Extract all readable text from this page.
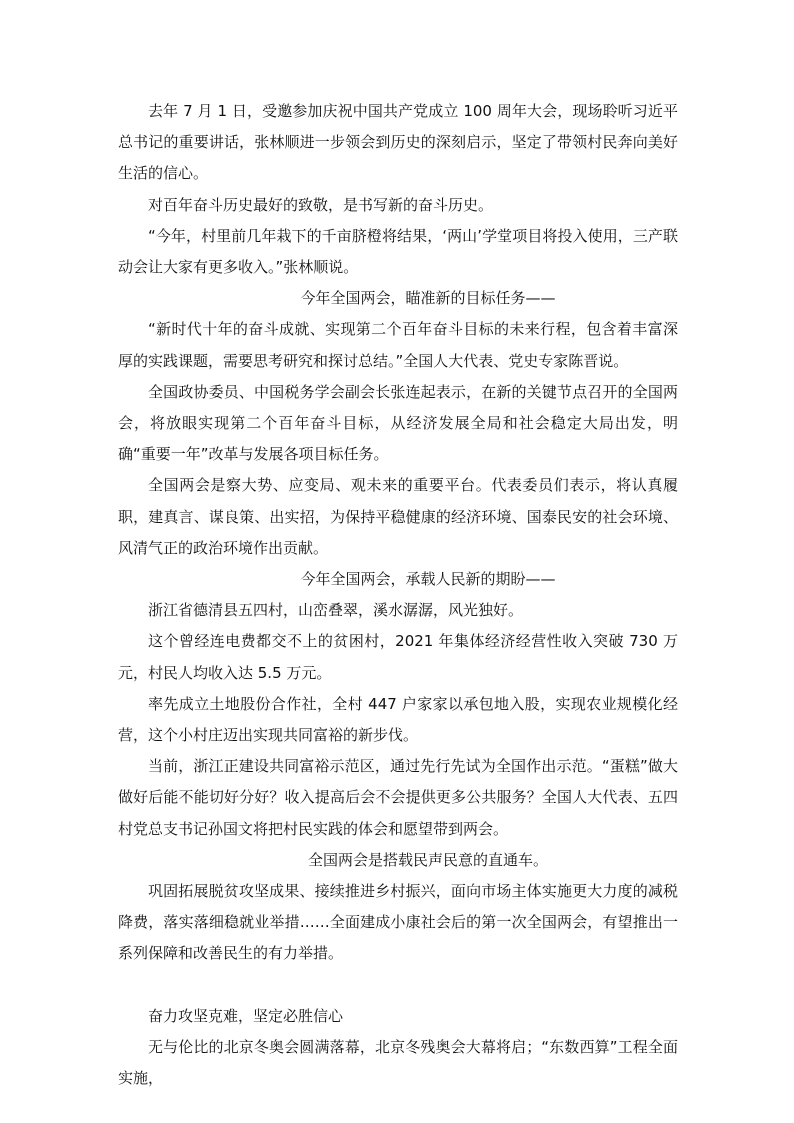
去年 7 月 1 日，受邀参加庆祝中国共产党成立 100 周年大会，现场聆听习近平总书记的重要讲话，张林顺进一步领会到历史的深刻启示，坚定了带领村民奔向美好生活的信心。

对百年奋斗历史最好的致敬，是书写新的奋斗历史。

“今年，村里前几年栽下的千亩脐橙将结果，‘两山’学堂项目将投入使用，三产联动会让大家有更多收入。”张林顺说。

今年全国两会，瞄准新的目标任务——

“新时代十年的奋斗成就、实现第二个百年奋斗目标的未来行程，包含着丰富深厚的实践课题，需要思考研究和探讨总结。”全国人大代表、党史专家陈晋说。

全国政协委员、中国税务学会副会长张连起表示，在新的关键节点召开的全国两会，将放眼实现第二个百年奋斗目标，从经济发展全局和社会稳定大局出发，明确“重要一年”改革与发展各项目标任务。

全国两会是察大势、应变局、观未来的重要平台。代表委员们表示，将认真履职，建真言、谋良策、出实招，为保持平稳健康的经济环境、国泰民安的社会环境、风清气正的政治环境作出贡献。

今年全国两会，承载人民新的期盼——

浙江省德清县五四村，山峦叠翠，溪水潺潺，风光独好。

这个曾经连电费都交不上的贫困村，2021 年集体经济经营性收入突破 730 万元，村民人均收入达 5.5 万元。

率先成立土地股份合作社，全村 447 户家家以承包地入股，实现农业规模化经营，这个小村庄迈出实现共同富裕的新步伐。

当前，浙江正建设共同富裕示范区，通过先行先试为全国作出示范。“蛋糕”做大做好后能不能切好分好？收入提高后会不会提供更多公共服务？全国人大代表、五四村党总支书记孙国文将把村民实践的体会和愿望带到两会。

全国两会是搭载民声民意的直通车。

巩固拓展脱贫攻坚成果、接续推进乡村振兴，面向市场主体实施更大力度的减税降费，落实落细稳就业举措……全面建成小康社会后的第一次全国两会，有望推出一系列保障和改善民生的有力举措。

奋力攻坚克难，坚定必胜信心

无与伦比的北京冬奥会圆满落幕，北京冬残奥会大幕将启；“东数西算”工程全面实施，
